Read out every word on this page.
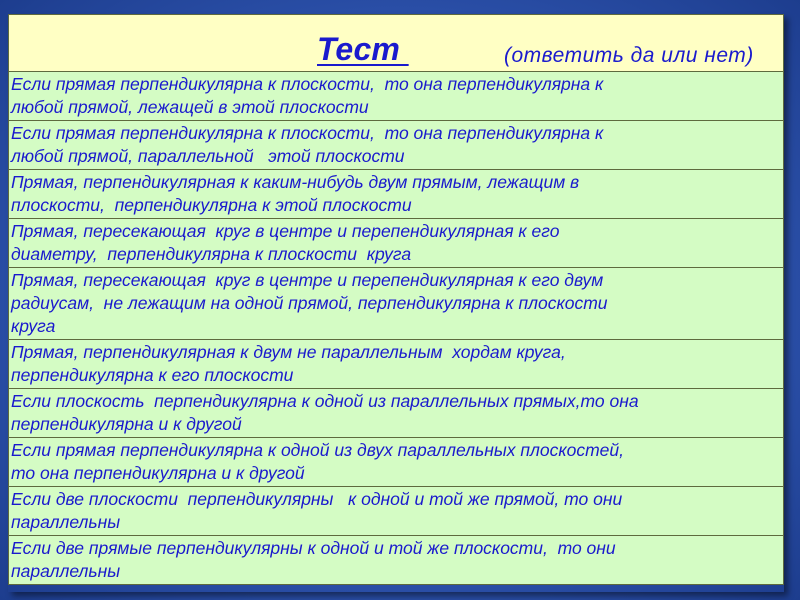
Тест	(ответить да или нет)
Если прямая перпендикулярна к плоскости,  то она перпендикулярна к
любой прямой, лежащей в этой плоскости
Если прямая перпендикулярна к плоскости,  то она перпендикулярна к
любой прямой, параллельной   этой плоскости
Прямая, перпендикулярная к каким-нибудь двум прямым, лежащим в
плоскости,  перпендикулярна к этой плоскости
Прямая, пересекающая  круг в центре и перепендикулярная к его
диаметру,  перпендикулярна к плоскости  круга
Прямая, пересекающая  круг в центре и перепендикулярная к его двум
радиусам,  не лежащим на одной прямой, перпендикулярна к плоскости
круга
Прямая, перпендикулярная к двум не параллельным  хордам круга,
перпендикулярна к его плоскости
Если плоскость  перпендикулярна к одной из параллельных прямых,то она
перпендикулярна и к другой
Если прямая перпендикулярна к одной из двух параллельных плоскостей,
то она перпендикулярна и к другой
Если две плоскости  перпендикулярны   к одной и той же прямой, то они
параллельны
Если две прямые перпендикулярны к одной и той же плоскости,  то они
параллельны
